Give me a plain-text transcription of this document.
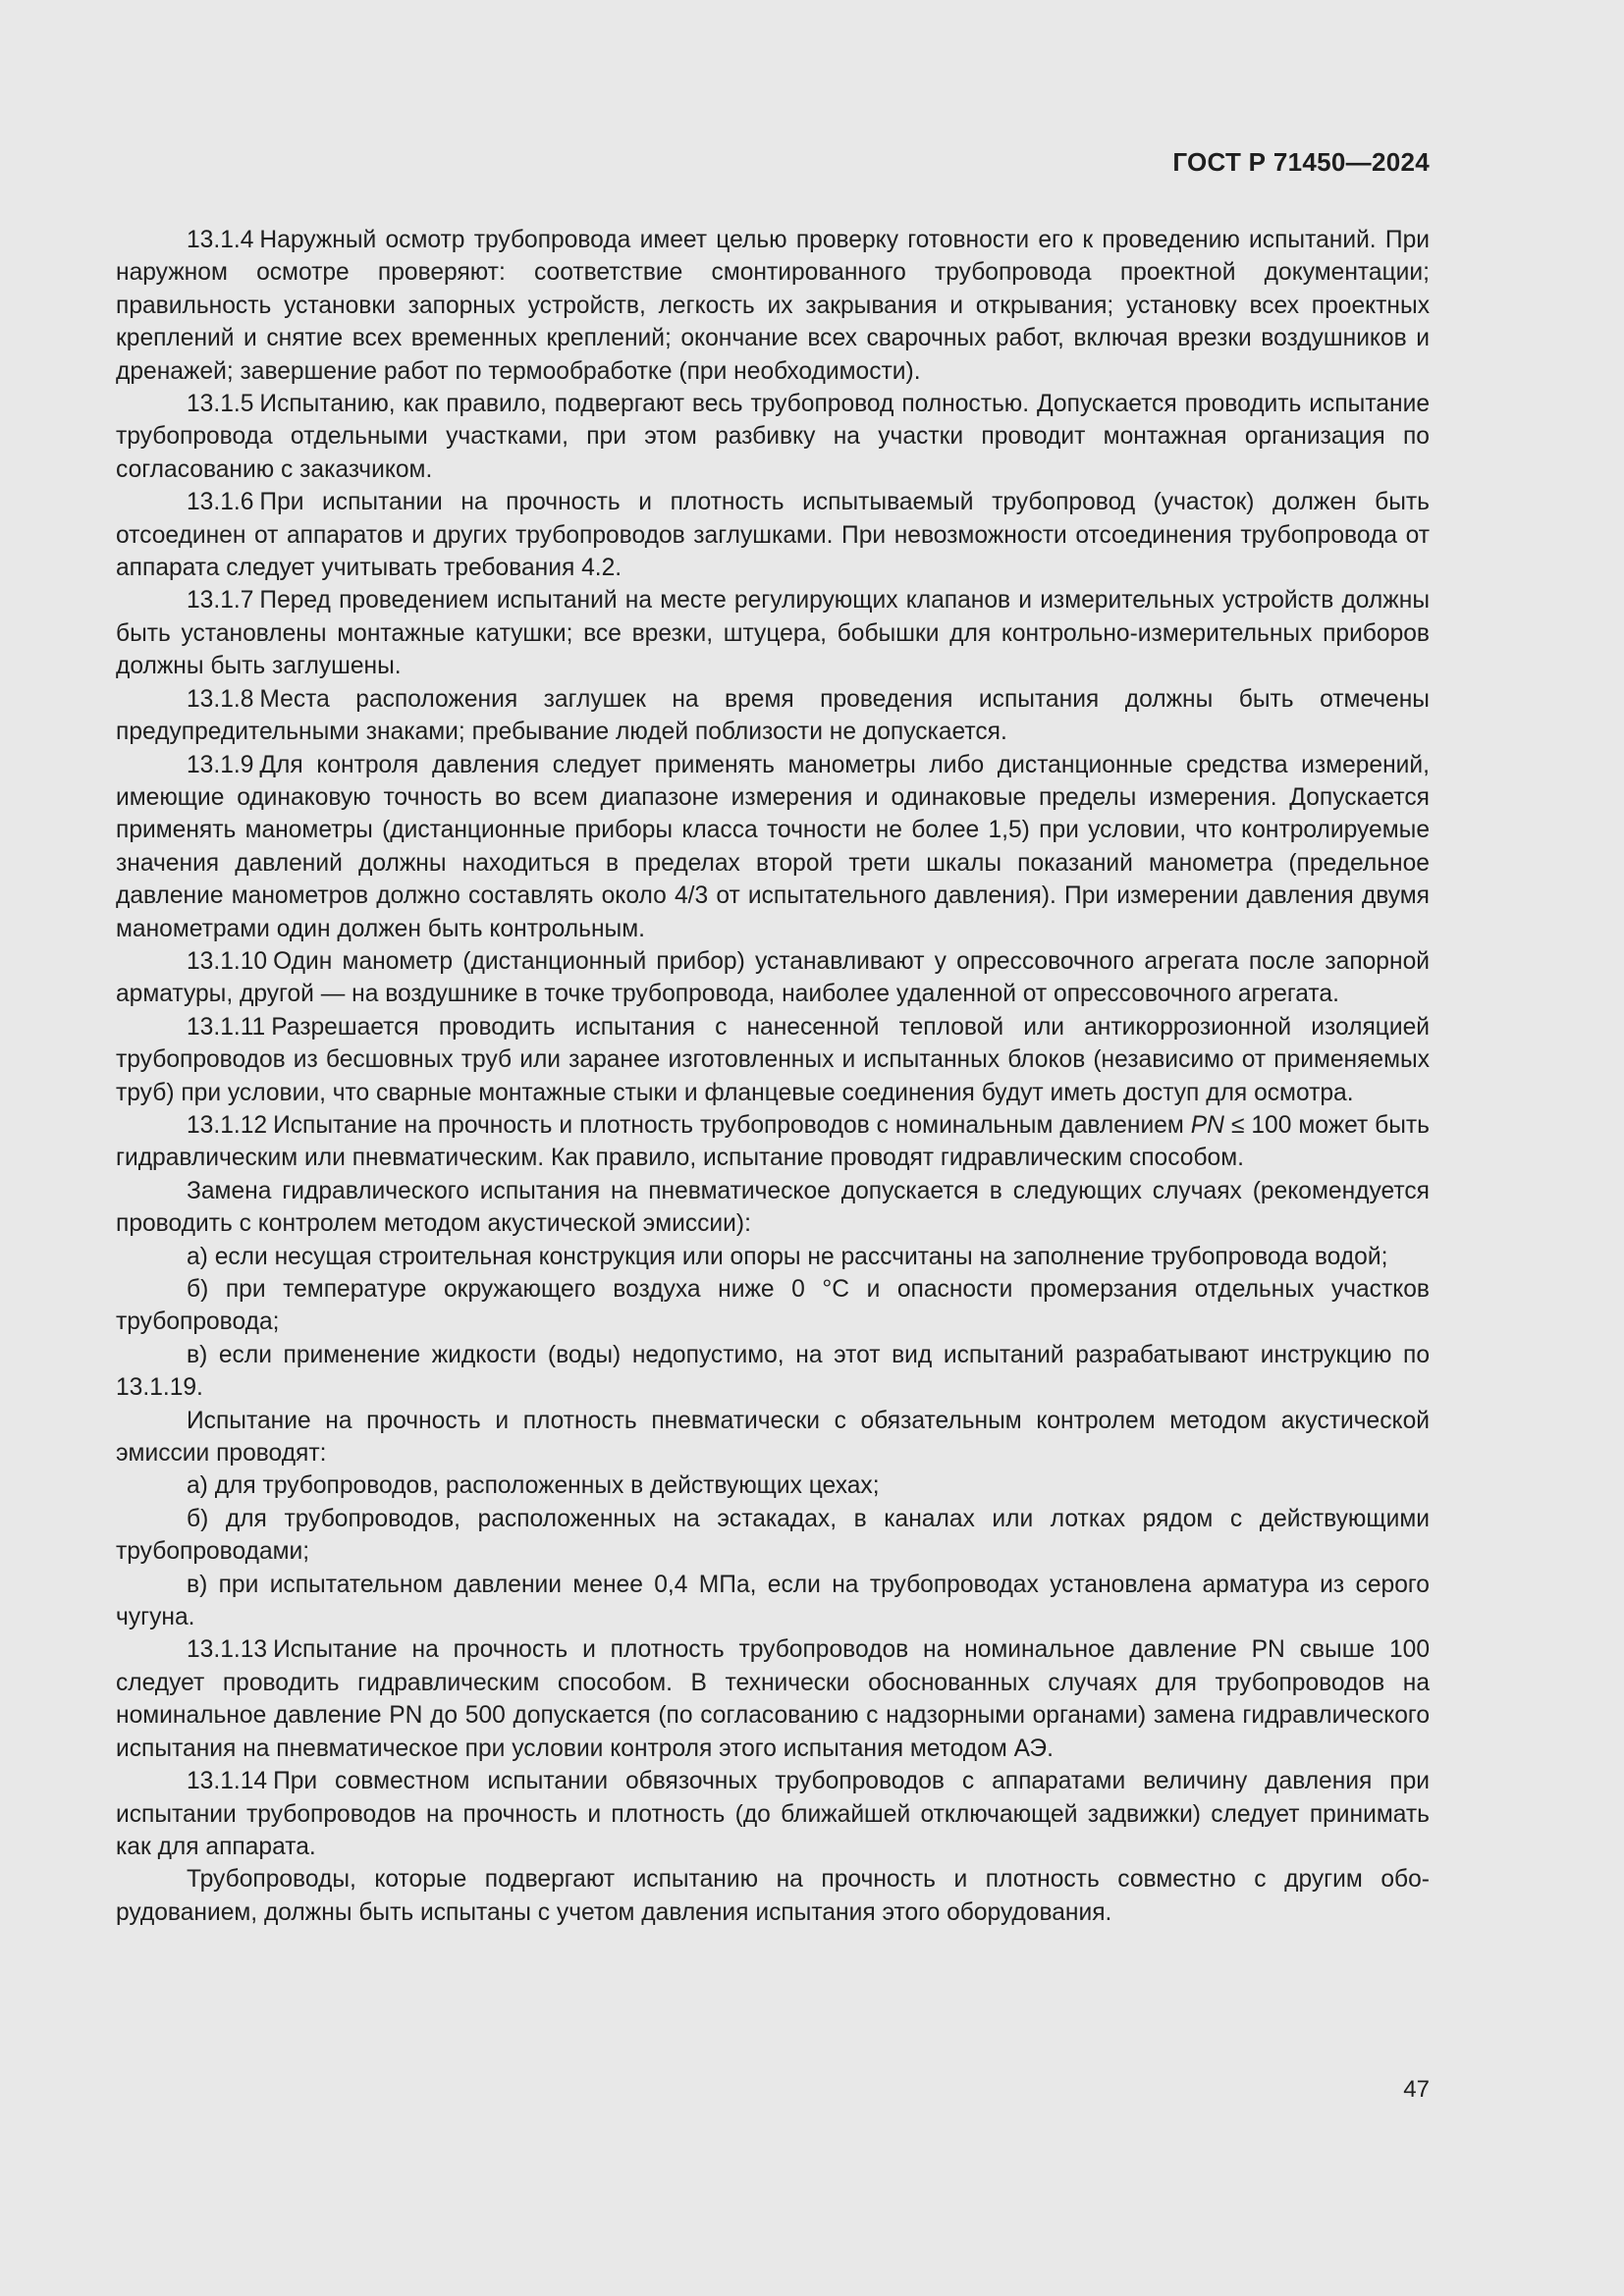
ГОСТ Р 71450—2024

13.1.4 Наружный осмотр трубопровода имеет целью проверку готовности его к проведению испытаний. При наружном осмотре проверяют: соответствие смонтированного трубопровода проектной документации; правильность установки запорных устройств, легкость их закрывания и открывания; установку всех проектных креплений и снятие всех временных креплений; окончание всех сварочных работ, включая врезки воздушников и дренажей; завершение работ по термообработке (при необходимости).

13.1.5 Испытанию, как правило, подвергают весь трубопровод полностью. Допускается проводить испытание трубопровода отдельными участками, при этом разбивку на участки проводит монтажная организация по согласованию с заказчиком.

13.1.6 При испытании на прочность и плотность испытываемый трубопровод (участок) должен быть отсоединен от аппаратов и других трубопроводов заглушками. При невозможности отсоединения трубопровода от аппарата следует учитывать требования 4.2.

13.1.7 Перед проведением испытаний на месте регулирующих клапанов и измерительных устройств должны быть установлены монтажные катушки; все врезки, штуцера, бобышки для контрольно-измерительных приборов должны быть заглушены.

13.1.8 Места расположения заглушек на время проведения испытания должны быть отмечены предупредительными знаками; пребывание людей поблизости не допускается.

13.1.9 Для контроля давления следует применять манометры либо дистанционные средства измерений, имеющие одинаковую точность во всем диапазоне измерения и одинаковые пределы измерения. Допускается применять манометры (дистанционные приборы класса точности не более 1,5) при условии, что контролируемые значения давлений должны находиться в пределах второй трети шкалы показаний манометра (предельное давление манометров должно составлять около 4/3 от испытательного давления). При измерении давления двумя манометрами один должен быть контрольным.

13.1.10 Один манометр (дистанционный прибор) устанавливают у опрессовочного агрегата после запорной арматуры, другой — на воздушнике в точке трубопровода, наиболее удаленной от опрессовочного агрегата.

13.1.11 Разрешается проводить испытания с нанесенной тепловой или антикоррозионной изоляцией трубопроводов из бесшовных труб или заранее изготовленных и испытанных блоков (независимо от применяемых труб) при условии, что сварные монтажные стыки и фланцевые соединения будут иметь доступ для осмотра.

13.1.12 Испытание на прочность и плотность трубопроводов с номинальным давлением PN ≤ 100 может быть гидравлическим или пневматическим. Как правило, испытание проводят гидравлическим способом.

Замена гидравлического испытания на пневматическое допускается в следующих случаях (рекомендуется проводить с контролем методом акустической эмиссии):

а) если несущая строительная конструкция или опоры не рассчитаны на заполнение трубопровода водой;

б) при температуре окружающего воздуха ниже 0 °С и опасности промерзания отдельных участков трубопровода;

в) если применение жидкости (воды) недопустимо, на этот вид испытаний разрабатывают инструкцию по 13.1.19.

Испытание на прочность и плотность пневматически с обязательным контролем методом акустической эмиссии проводят:

а) для трубопроводов, расположенных в действующих цехах;

б) для трубопроводов, расположенных на эстакадах, в каналах или лотках рядом с действующими трубопроводами;

в) при испытательном давлении менее 0,4 МПа, если на трубопроводах установлена арматура из серого чугуна.

13.1.13 Испытание на прочность и плотность трубопроводов на номинальное давление PN свыше 100 следует проводить гидравлическим способом. В технически обоснованных случаях для трубопроводов на номинальное давление PN до 500 допускается (по согласованию с надзорными органами) замена гидравлического испытания на пневматическое при условии контроля этого испытания методом АЭ.

13.1.14 При совместном испытании обвязочных трубопроводов с аппаратами величину давления при испытании трубопроводов на прочность и плотность (до ближайшей отключающей задвижки) следует принимать как для аппарата.

Трубопроводы, которые подвергают испытанию на прочность и плотность совместно с другим оборудованием, должны быть испытаны с учетом давления испытания этого оборудования.

47
